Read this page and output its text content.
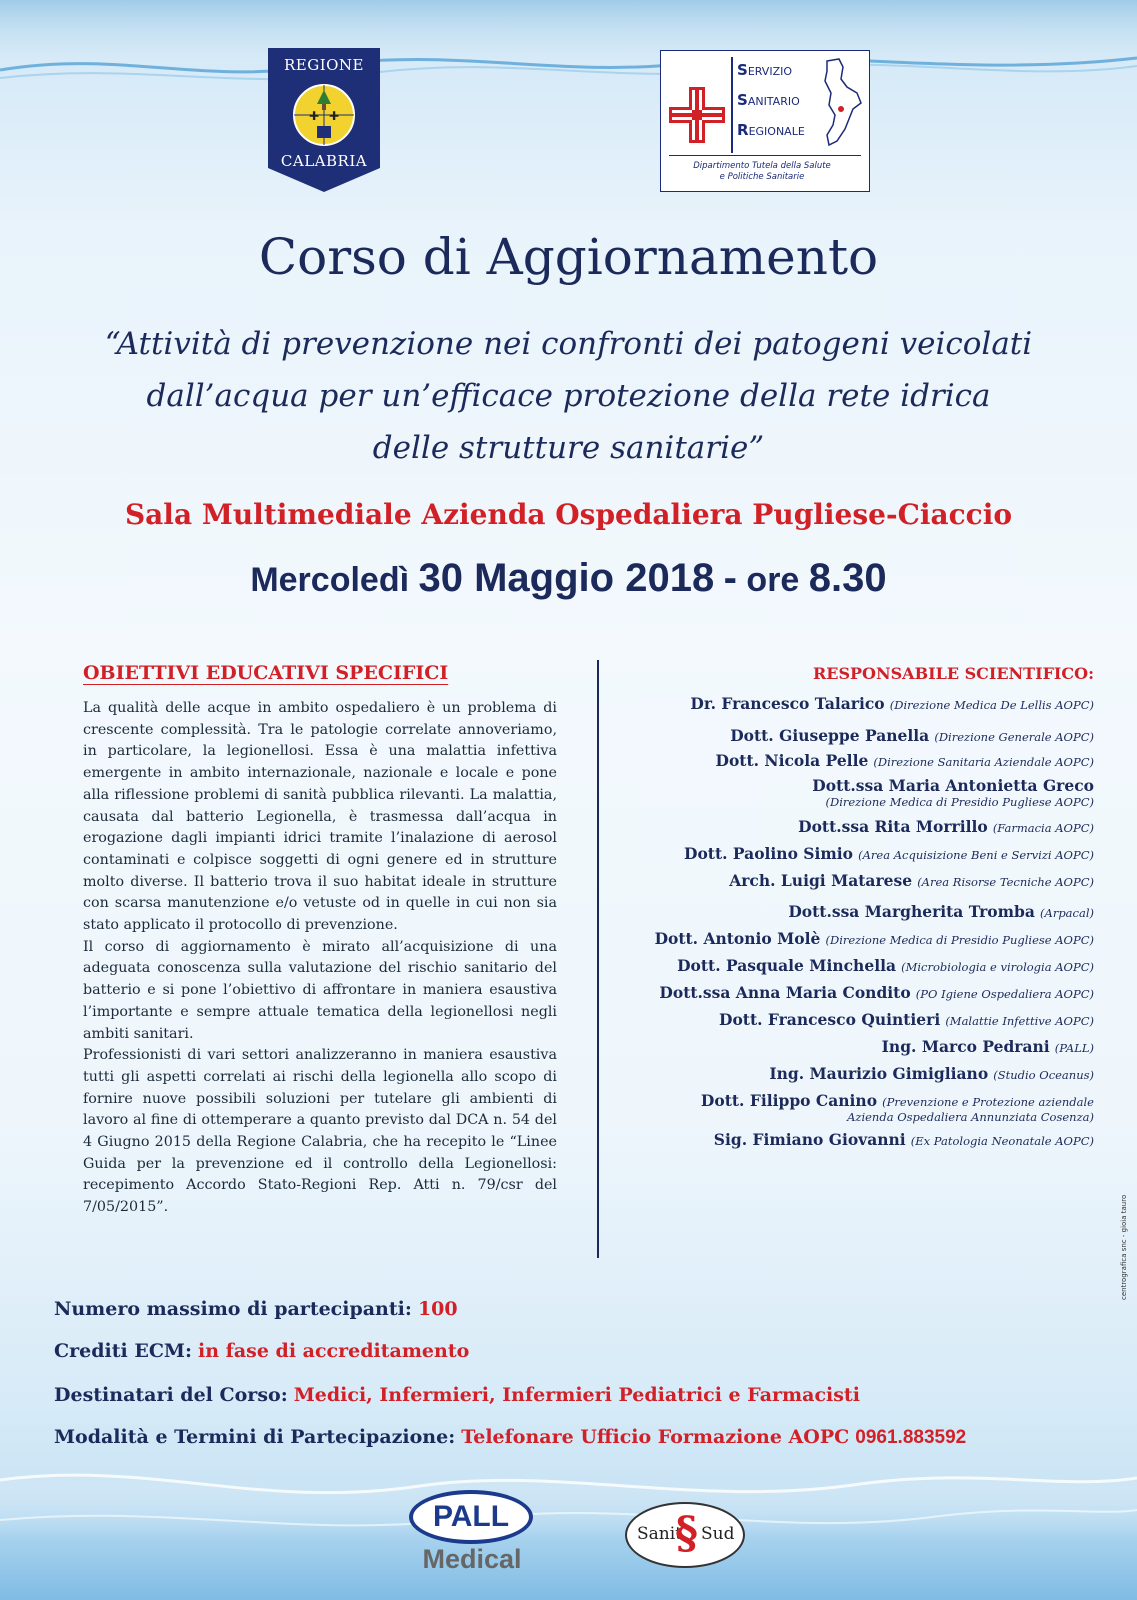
✚ ✚
REGIONE
CALABRIA
SERVIZIO
SANITARIO
REGIONALE
Dipartimento Tutela della Salute
e Politiche Sanitarie
Corso di Aggiornamento
“Attività di prevenzione nei confronti dei patogeni veicolati
dall’acqua per un’efficace protezione della rete idrica
delle strutture sanitarie”
Sala Multimediale Azienda Ospedaliera Pugliese-Ciaccio
Mercoledì 30 Maggio 2018 - ore 8.30
OBIETTIVI EDUCATIVI SPECIFICI

La qualità delle acque in ambito ospedaliero è un problema di crescente complessità. Tra le patologie correlate annoveriamo, in particolare, la legionellosi. Essa è una malattia infettiva emergente in ambito internazionale, nazionale e locale e pone alla riflessione problemi di sanità pubblica rilevanti. La malattia, causata dal batterio Legionella, è trasmessa dall’acqua in erogazione dagli impianti idrici tramite l’inalazione di aerosol contaminati e colpisce soggetti di ogni genere ed in strutture molto diverse. Il batterio trova il suo habitat ideale in strutture con scarsa manutenzione e/o vetuste od in quelle in cui non sia stato applicato il protocollo di prevenzione.

Il corso di aggiornamento è mirato all’acquisizione di una adeguata conoscenza sulla valutazione del rischio sanitario del batterio e si pone l’obiettivo di affrontare in maniera esaustiva l’importante e sempre attuale tematica della legionellosi negli ambiti sanitari.

Professionisti di vari settori analizzeranno in maniera esaustiva tutti gli aspetti correlati ai rischi della legionella allo scopo di fornire nuove possibili soluzioni per tutelare gli ambienti di lavoro al fine di ottemperare a quanto previsto dal DCA n. 54 del 4 Giugno 2015 della Regione Calabria, che ha recepito le “Linee Guida per la prevenzione ed il controllo della Legionellosi: recepimento Accordo Stato-Regioni Rep. Atti n. 79/csr del 7/05/2015”.

RESPONSABILE SCIENTIFICO:
Dr. Francesco Talarico (Direzione Medica De Lellis AOPC)
Dott. Giuseppe Panella (Direzione Generale AOPC)
Dott. Nicola Pelle (Direzione Sanitaria Aziendale AOPC)
Dott.ssa Maria Antonietta Greco
(Direzione Medica di Presidio Pugliese AOPC)
Dott.ssa Rita Morrillo (Farmacia AOPC)
Dott. Paolino Simio (Area Acquisizione Beni e Servizi AOPC)
Arch. Luigi Matarese (Area Risorse Tecniche AOPC)
Dott.ssa Margherita Tromba (Arpacal)
Dott. Antonio Molè (Direzione Medica di Presidio Pugliese AOPC)
Dott. Pasquale Minchella (Microbiologia e virologia AOPC)
Dott.ssa Anna Maria Condito (PO Igiene Ospedaliera AOPC)
Dott. Francesco Quintieri (Malattie Infettive AOPC)
Ing. Marco Pedrani (PALL)
Ing. Maurizio Gimigliano (Studio Oceanus)
Dott. Filippo Canino (Prevenzione e Protezione aziendale
Azienda Ospedaliera Annunziata Cosenza)
Sig. Fimiano Giovanni (Ex Patologia Neonatale AOPC)
Numero massimo di partecipanti: 100
Crediti ECM: in fase di accreditamento
Destinatari del Corso: Medici, Infermieri, Infermieri Pediatrici e Farmacisti
Modalità e Termini di Partecipazione: Telefonare Ufficio Formazione AOPC 0961.883592
centrografica snc - gioia tauro
PALL
Medical
Sanit
§ Sud
